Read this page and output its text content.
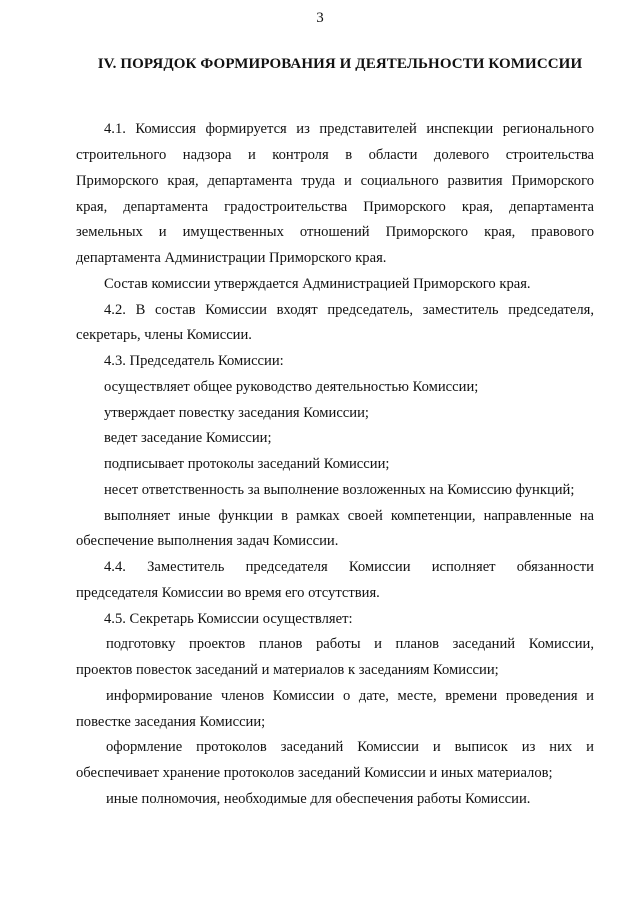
3
IV. ПОРЯДОК ФОРМИРОВАНИЯ И ДЕЯТЕЛЬНОСТИ КОМИССИИ
4.1. Комиссия формируется из представителей инспекции регионального
строительного надзора и контроля в области долевого строительства
Приморского края, департамента труда и социального развития Приморского
края, департамента градостроительства Приморского края, департамента
земельных и имущественных отношений Приморского края, правового
департамента Администрации Приморского края.
Состав комиссии утверждается Администрацией Приморского края.
4.2. В состав Комиссии входят председатель, заместитель председателя,
секретарь, члены Комиссии.
4.3. Председатель Комиссии:
осуществляет общее руководство деятельностью Комиссии;
утверждает повестку заседания Комиссии;
ведет заседание Комиссии;
подписывает протоколы заседаний Комиссии;
несет ответственность за выполнение возложенных на Комиссию функций;
выполняет иные функции в рамках своей компетенции, направленные на
обеспечение выполнения задач Комиссии.
4.4. Заместитель председателя Комиссии исполняет обязанности
председателя Комиссии во время его отсутствия.
4.5. Секретарь Комиссии осуществляет:
подготовку проектов планов работы и планов заседаний Комиссии,
проектов повесток заседаний и материалов к заседаниям Комиссии;
информирование членов Комиссии о дате, месте, времени проведения и
повестке заседания Комиссии;
оформление протоколов заседаний Комиссии и выписок из них и
обеспечивает хранение протоколов заседаний Комиссии и иных материалов;
иные полномочия, необходимые для обеспечения работы Комиссии.
